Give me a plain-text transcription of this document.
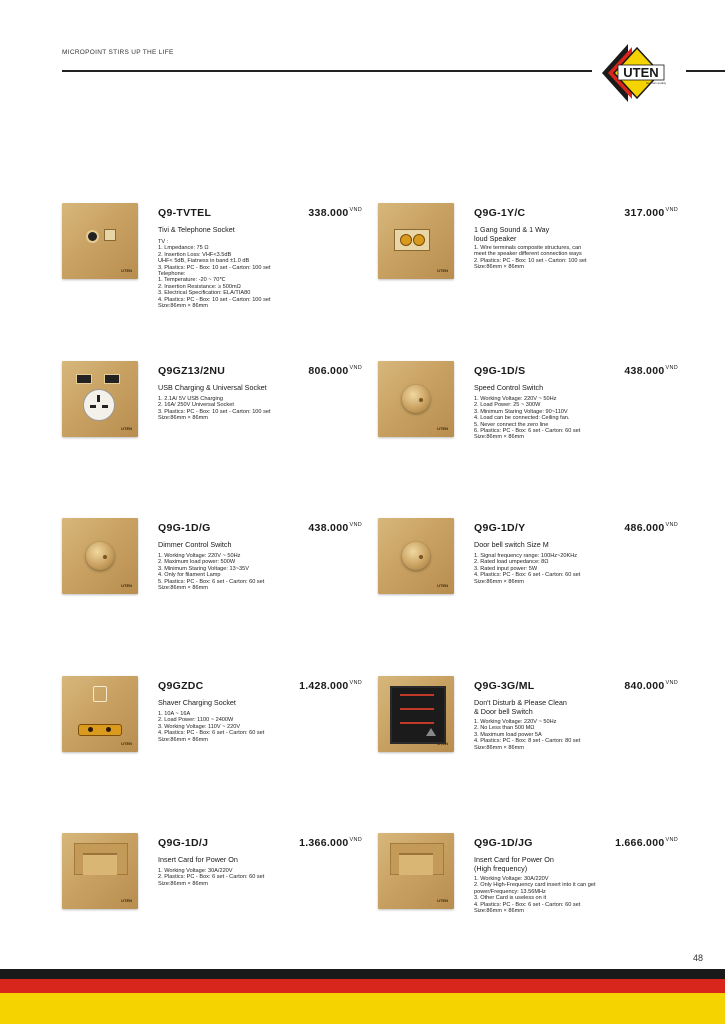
MICROPOINT STIRS UP THE LIFE
UTEN
German quality
UTEN
Q9-TVTEL	$338.000^{VND}$
Tivi & Telephone Socket
TV :
1. Lmpedance: 75 Ω
2. Insertion Loss: VHF<3.5dB
UHF< 5dB, Fiatness in band ±1.0 dB
3. Plastics: PC - Box: 10 set - Carton: 100 set
Telephone:
1. Temperature: -20 ~ 70℃
2. Insertion Resistance: ≥ 500mΩ
3. Electrical Specification: ELA/TIA80
4. Plastics: PC - Box: 10 set - Carton: 100 set
Size:86mm × 86mm
UTEN
Q9G-1Y/C	$317.000^{VND}$
1 Gang Sound & 1 Way
loud Speaker
1. Wire terminals composite structures, can
meet the speaker different connection ways
2. Plastics: PC - Box: 10 set - Carton: 100 set
Size:86mm × 86mm
UTEN
Q9GZ13/2NU	$806.000^{VND}$
USB Charging & Universal Socket
1. 2.1A/ 5V USB Charging
2. 16A/ 250V Universal Socket
3. Plastics: PC - Box: 10 set - Carton: 100 set
Size:86mm × 86mm
UTEN
Q9G-1D/S	$438.000^{VND}$
Speed Control Switch
1. Working Voltage: 220V ~ 50Hz
2. Load Power: 25 ~ 300W
3. Minimum Staring Voltage: 90~110V
4. Load can be connected: Ceiling fan.
5. Never connect the zero line
6. Plastics: PC - Box: 6 set - Carton: 60 set
Size:86mm × 86mm
UTEN
Q9G-1D/G	$438.000^{VND}$
Dimmer Control Switch
1. Working Voltage: 220V ~ 50Hz
2. Maximum load power: 500W
3. Minimum Staring Voltage: 13~35V
4. Only for filament Lamp
5. Plastics: PC - Box: 6 set - Carton: 60 set
Size:86mm × 86mm	UTEN
Q9G-1D/Y	$486.000^{VND}$
Door bell switch Size M
1. Signal frequency range: 100Hz~20KHz
2. Rated load umpedance: 8Ω
3. Rated input power: 5W
4. Plastics: PC - Box: 6 set - Carton: 60 set
Size:86mm × 86mm
UTEN
Q9GZDC	$1.428.000^{VND}$
Shaver Charging Socket
1. 10A ~ 16A
2. Load Power: 1100 ~ 2400W
3. Working Voltage: 110V ~ 220V
4. Plastics: PC - Box: 6 set - Carton: 60 set
Size:86mm × 86mm
UTEN
Q9G-3G/ML	$840.000^{VND}$
Don't Disturb & Please Clean
& Door bell Switch
1. Working Voltage: 220V ~ 50Hz
2. No Less than 500 MΩ
3. Maximum load power 5A
4. Plastics: PC - Box: 8 set - Carton: 80 set
Size:86mm × 86mm
UTEN
Q9G-1D/J	$1.366.000^{VND}$
Insert Card for Power On
1. Working Voltage: 30A/220V
2. Plastics: PC - Box: 6 set - Carton: 60 set
Size:86mm × 86mm
UTEN
Q9G-1D/JG	$1.666.000^{VND}$
Insert Card for Power On
(High frequency)
1. Working Voltage: 30A/220V
2. Only High-Frequency card insert into it can get
power/Frequency: 13.56MHz
3. Other Card is useless on it
4. Plastics: PC - Box: 6 set - Carton: 60 set
Size:86mm × 86mm
48
